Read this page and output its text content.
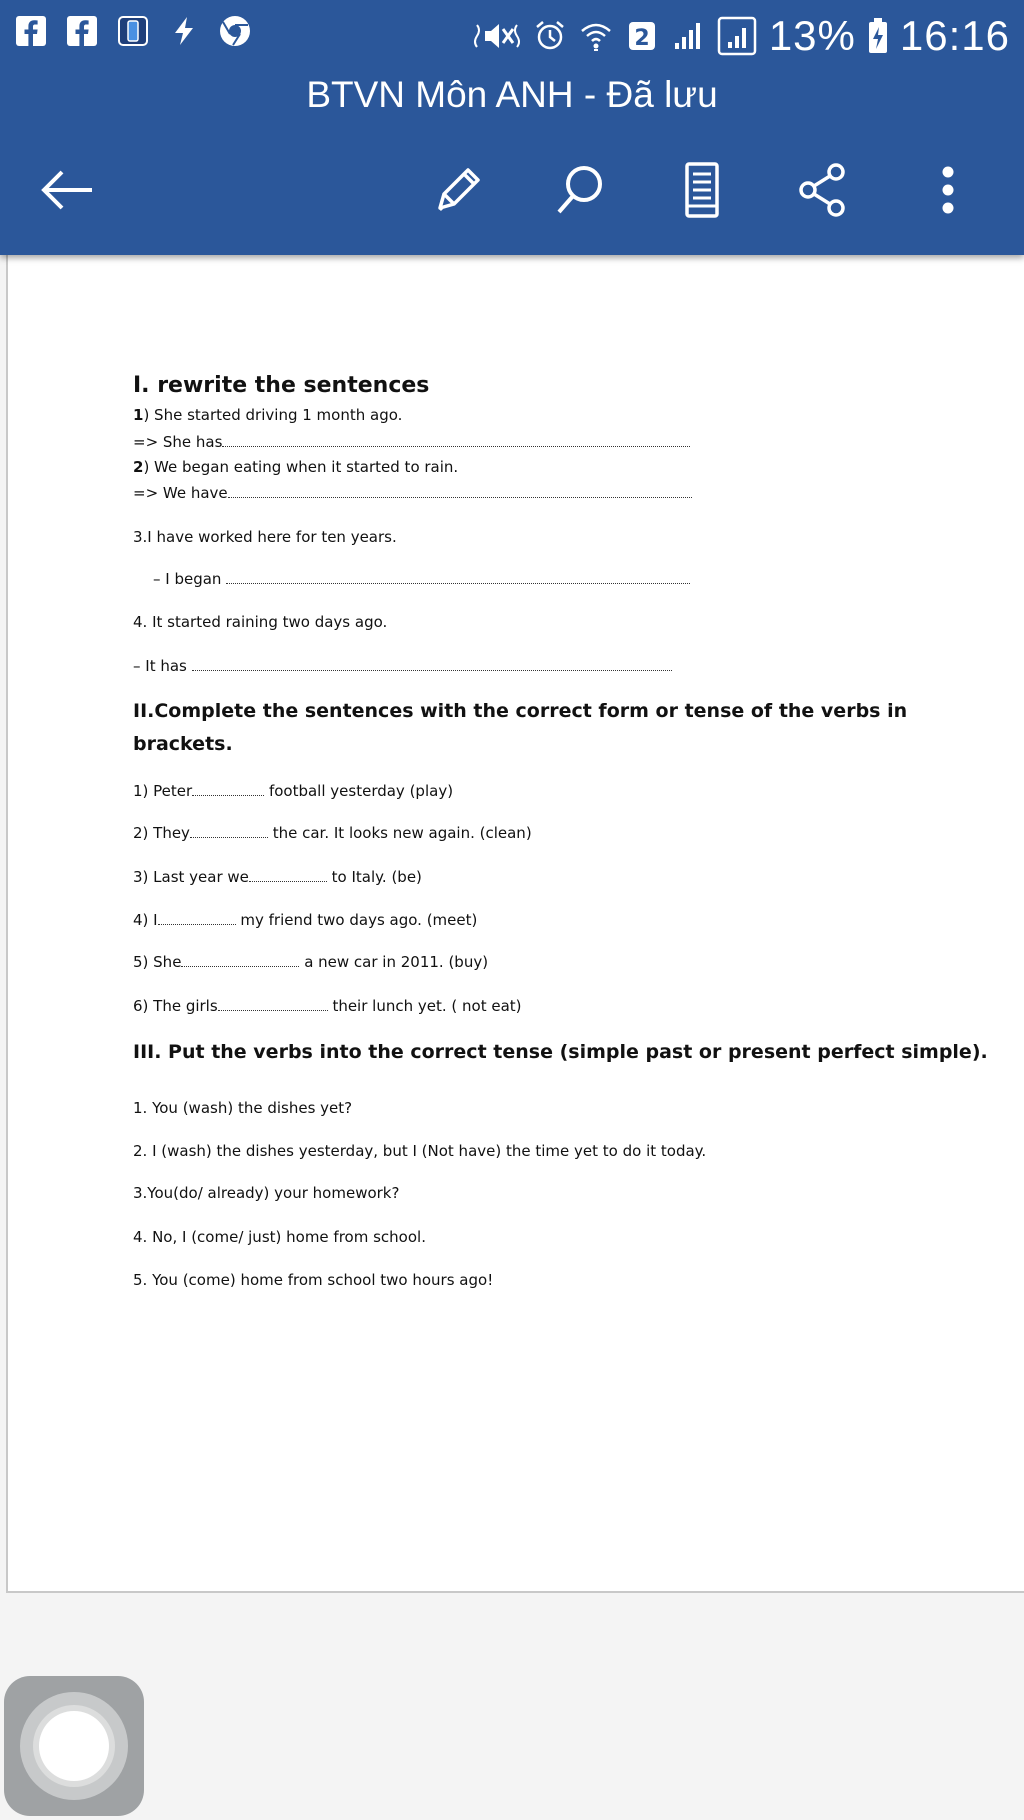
2	13% 16:16
BTVN Môn ANH - Đã lưu
I. rewrite the sentences
1) She started driving 1 month ago.
=> She has
2) We began eating when it started to rain.
=> We have
3.I have worked here for ten years.
– I began
4. It started raining two days ago.
– It has
II.Complete the sentences with the correct form or tense of the verbs in
brackets.
1) Peter	football yesterday (play)
2) They	the car. It looks new again. (clean)
3) Last year we	to Italy. (be)
4) I	my friend two days ago. (meet)
5) She	a new car in 2011. (buy)
6) The girls	their lunch yet. ( not eat)
III. Put the verbs into the correct tense (simple past or present perfect simple).
1. You (wash) the dishes yet?
2. I (wash) the dishes yesterday, but I (Not have) the time yet to do it today.
3.You(do/ already) your homework?
4. No, I (come/ just) home from school.
5. You (come) home from school two hours ago!
